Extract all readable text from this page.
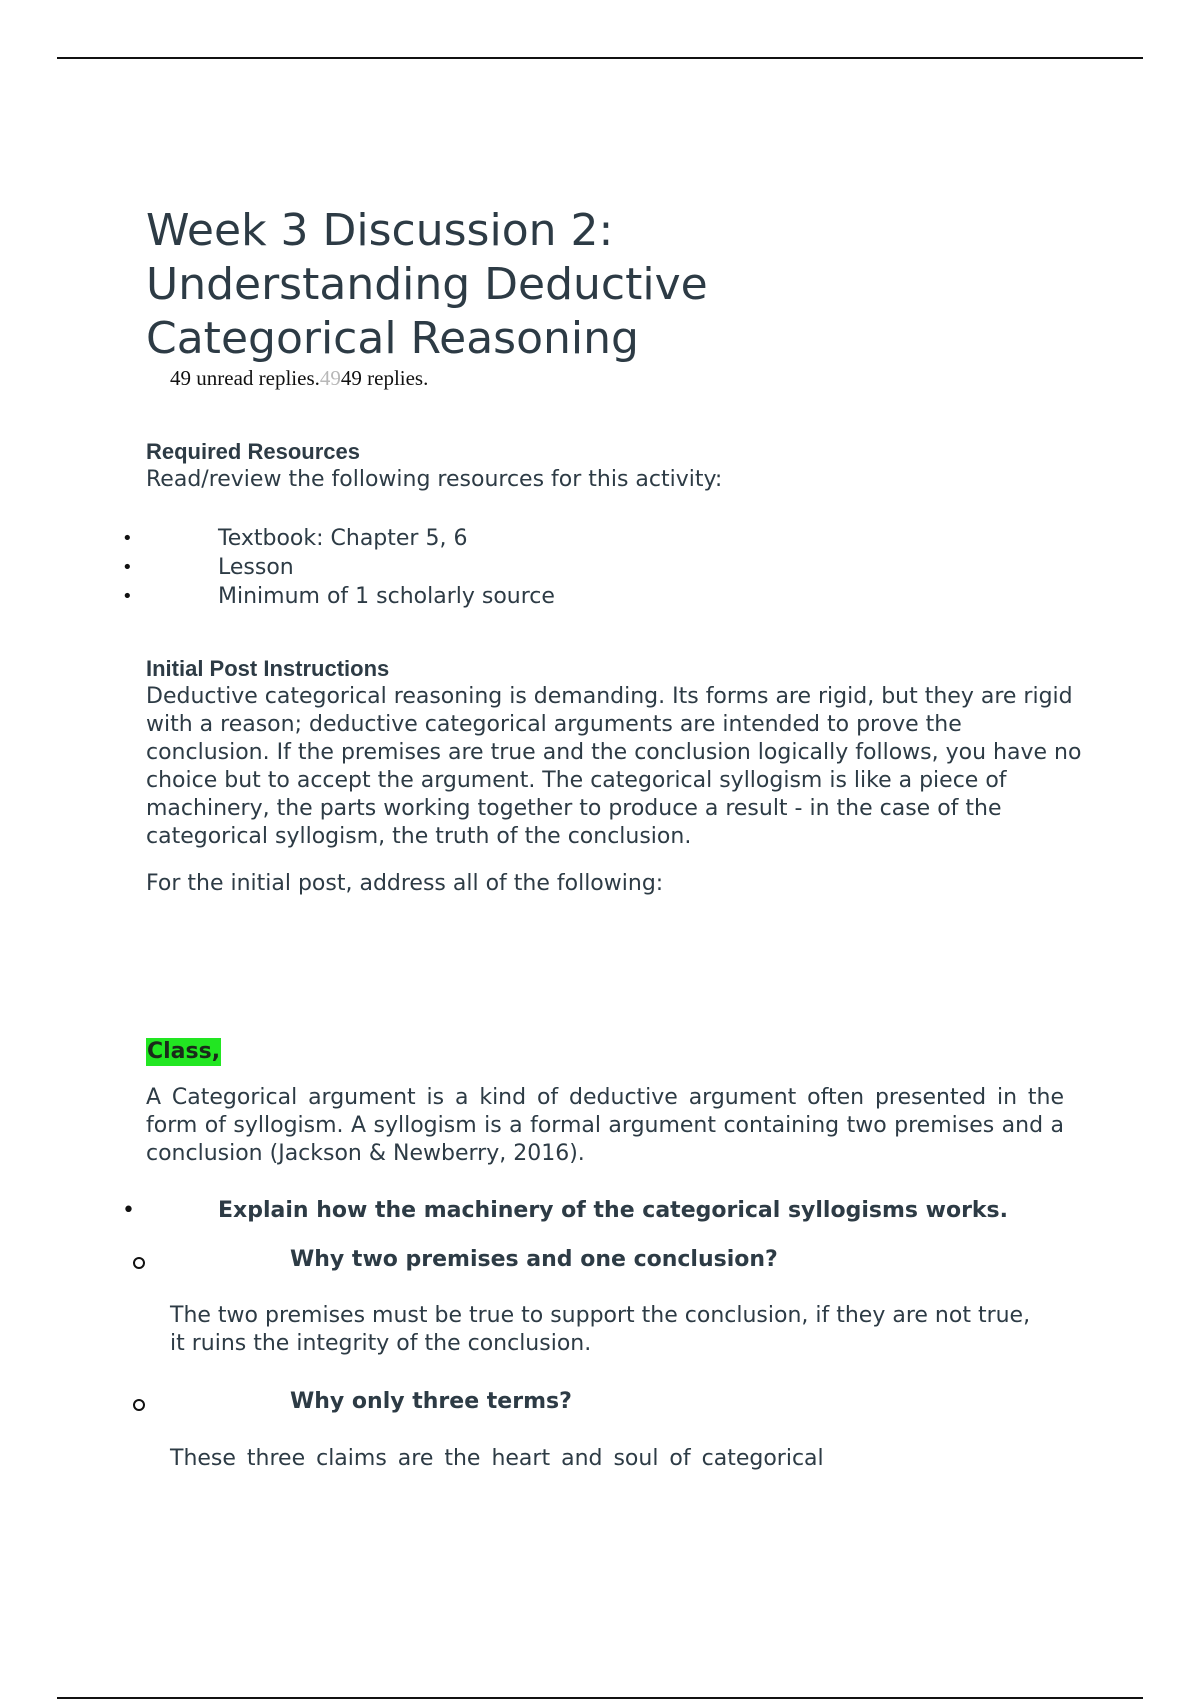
Week 3 Discussion 2:
Understanding Deductive
Categorical Reasoning
49 unread replies.4949 replies.

Required Resources

Read/review the following resources for this activity:

•	Textbook: Chapter 5, 6
•	Lesson
•	Minimum of 1 scholarly source

Initial Post Instructions

Deductive categorical reasoning is demanding. Its forms are rigid, but they are rigid with a reason; deductive categorical arguments are intended to prove the conclusion. If the premises are true and the conclusion logically follows, you have no choice but to accept the argument. The categorical syllogism is like a piece of machinery, the parts working together to produce a result - in the case of the categorical syllogism, the truth of the conclusion.

For the initial post, address all of the following:

Class,

A Categorical argument is a kind of deductive argument often presented in the form of syllogism. A syllogism is a formal argument containing two premises and a conclusion (Jackson & Newberry, 2016).

•	Explain how the machinery of the categorical syllogisms works.
Why two premises and one conclusion?

The two premises must be true to support the conclusion, if they are not true, it ruins the integrity of the conclusion.

Why only three terms?

These three claims are the heart and soul of categorical
